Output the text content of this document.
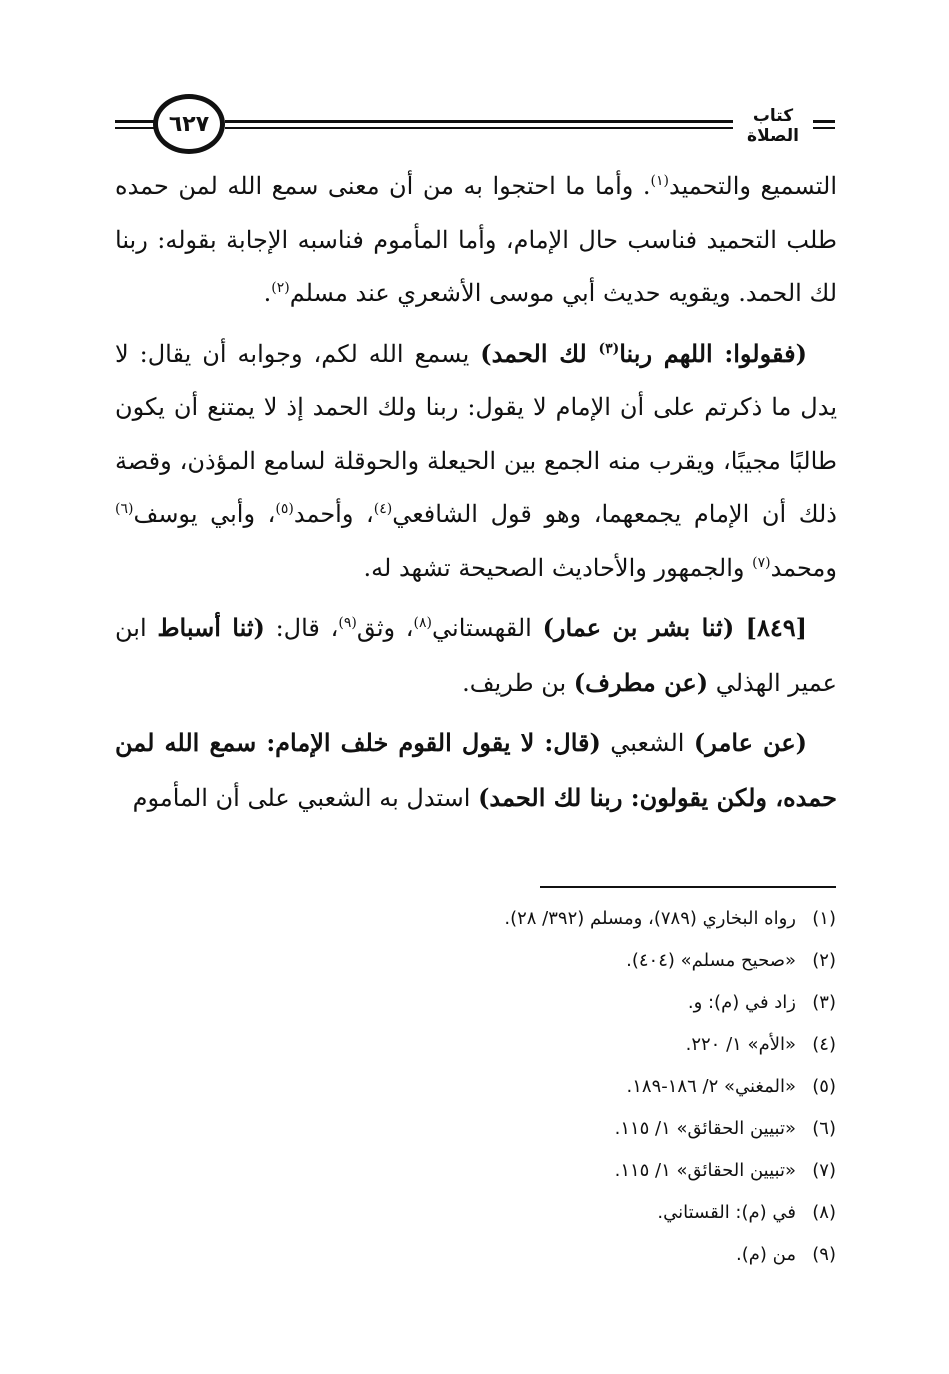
٦٢٧	كتاب الصلاة

التسميع والتحميد$^{(١)}$. وأما ما احتجوا به من أن معنى سمع الله لمن حمده طلب التحميد فناسب حال الإمام، وأما المأموم فناسبه الإجابة بقوله: ربنا لك الحمد. ويقويه حديث أبي موسى الأشعري عند مسلم$^{(٢)}$.

(فقولوا: اللهم ربنا$^{(٣)}$ لك الحمد) يسمع الله لكم، وجوابه أن يقال: لا يدل ما ذكرتم على أن الإمام لا يقول: ربنا ولك الحمد إذ لا يمتنع أن يكون طالبًا مجيبًا، ويقرب منه الجمع بين الحيعلة والحوقلة لسامع المؤذن، وقصة ذلك أن الإمام يجمعهما، وهو قول الشافعي$^{(٤)}$، وأحمد$^{(٥)}$، وأبي يوسف$^{(٦)}$ ومحمد$^{(٧)}$ والجمهور والأحاديث الصحيحة تشهد له.

[٨٤٩] (ثنا بشر بن عمار) القهستاني$^{(٨)}$، وثق$^{(٩)}$، قال: (ثنا أسباط ابن عمير الهذلي (عن مطرف) بن طريف.

(عن عامر) الشعبي (قال: لا يقول القوم خلف الإمام: سمع الله لمن حمده، ولكن يقولون: ربنا لك الحمد) استدل به الشعبي على أن المأموم

(١)رواه البخاري (٧٨٩)، ومسلم (٣٩٢/ ٢٨).
(٢)«صحيح مسلم» (٤٠٤).
(٣)زاد في (م): و.
(٤)«الأم» ١/ ٢٢٠.
(٥)«المغني» ٢/ ١٨٦-١٨٩.
(٦)«تبيين الحقائق» ١/ ١١٥.
(٧)«تبيين الحقائق» ١/ ١١٥.
(٨)في (م): القستاني.
(٩)من (م).
